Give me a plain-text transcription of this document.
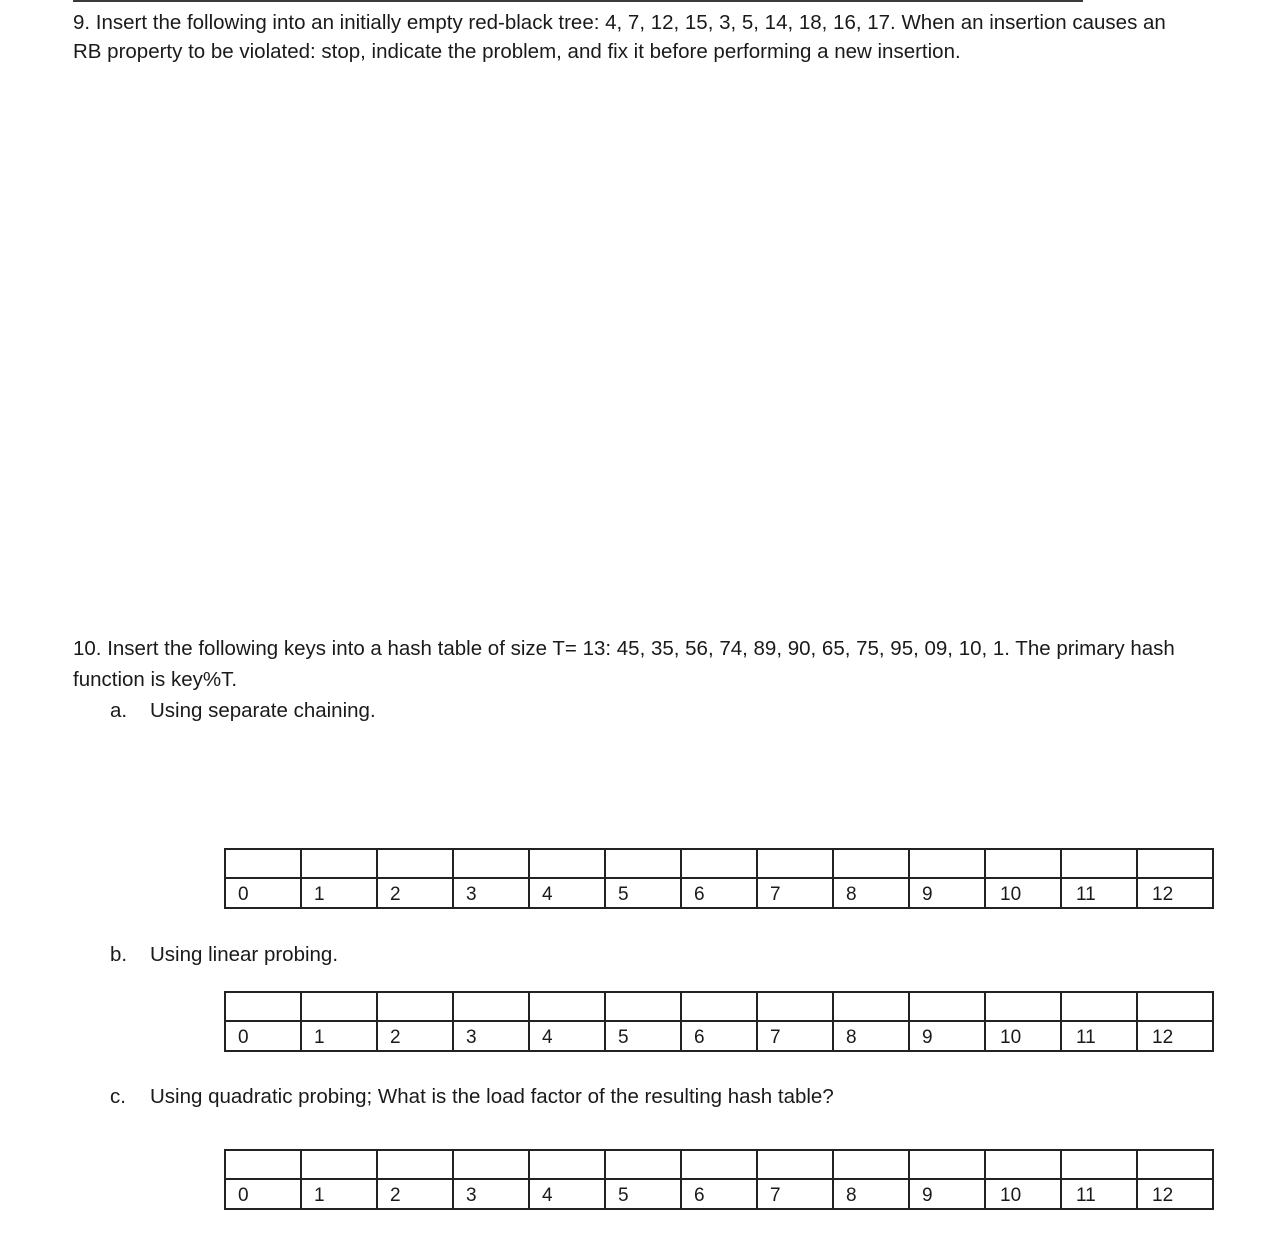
9. Insert the following into an initially empty red-black tree: 4, 7, 12, 15, 3, 5, 14, 18, 16, 17. When an insertion causes an
RB property to be violated: stop, indicate the problem, and fix it before performing a new insertion.
10. Insert the following keys into a hash table of size T= 13: 45, 35, 56, 74, 89, 90, 65, 75, 95, 09, 10, 1. The primary hash
function is key%T.
a. Using separate chaining.

0	1	2	3	4	5	6	7	8	9	10	11	12
b. Using linear probing.

0	1	2	3	4	5	6	7	8	9	10	11	12
c. Using quadratic probing; What is the load factor of the resulting hash table?

0	1	2	3	4	5	6	7	8	9	10	11	12
